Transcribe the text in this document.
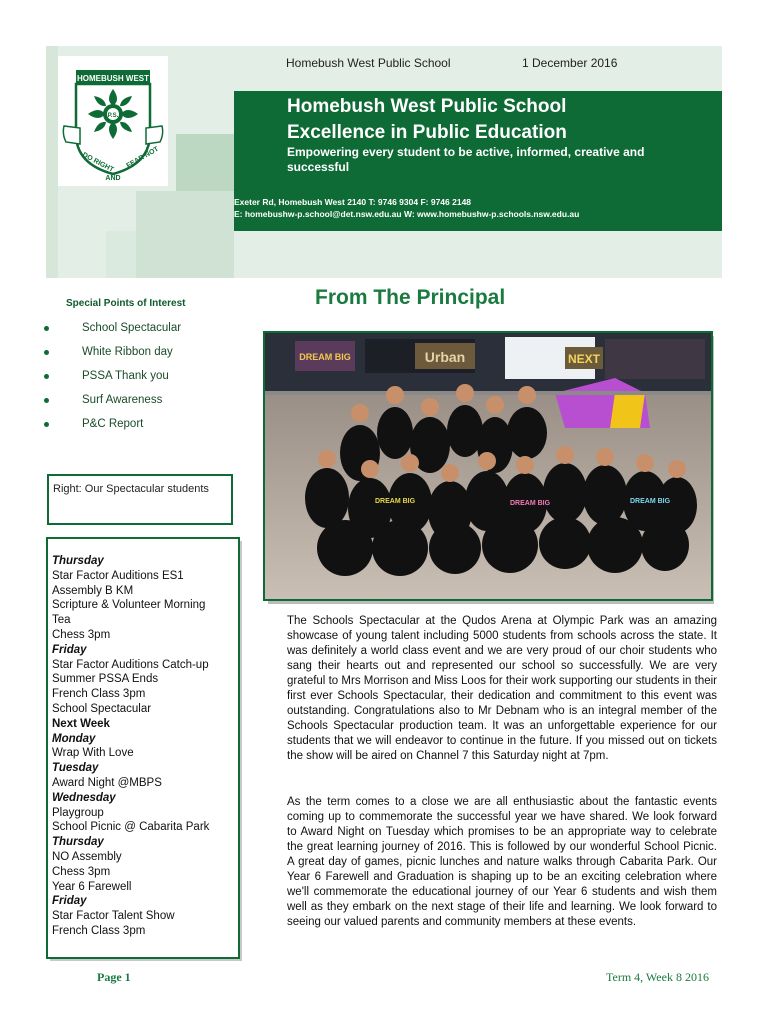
HOMEBUSH WEST
P.S.
DO RIGHT
AND
FEAR NOT
Homebush West Public School	1 December 2016
Homebush West Public School
Excellence in Public Education
Empowering every student to be active, informed, creative and successful
Exeter Rd, Homebush West 2140 T: 9746 9304 F: 9746 2148
E: homebushw-p.school@det.nsw.edu.au W: www.homebushw-p.schools.nsw.edu.au
Special Points of Interest
School Spectacular
White Ribbon day
PSSA Thank you
Surf Awareness
P&C Report
Right: Our Spectacular students
Thursday
Star Factor Auditions ES1
Assembly B KM
Scripture & Volunteer Morning
Tea
Chess 3pm
Friday
Star Factor Auditions Catch-up
Summer PSSA Ends
French Class 3pm
School Spectacular
Next Week
Monday
Wrap With Love
Tuesday
Award Night @MBPS
Wednesday
Playgroup
School Picnic @ Cabarita Park
Thursday
NO Assembly
Chess 3pm
Year 6 Farewell
Friday
Star Factor Talent Show
French Class 3pm
From The Principal
DREAM BIG	Urban	NEXT
DREAM BIG	DREAM BIG	DREAM BIG
The Schools Spectacular at the Qudos Arena at Olympic Park was an amazing showcase of young talent including 5000 students from schools across the state. It was definitely a world class event and we are very proud of our choir students who sang their hearts out and represented our school so successfully. We are very grateful to Mrs Morrison and Miss Loos for their work supporting our students in their first ever Schools Spectacular, their dedication and commitment to this event was outstanding. Congratulations also to Mr Debnam who is an integral member of the Schools Spectacular production team. It was an unforgettable experience for our students that we will endeavor to continue in the future. If you missed out on tickets the show will be aired on Channel 7 this Saturday night at 7pm.
As the term comes to a close we are all enthusiastic about the fantastic events coming up to commemorate the successful year we have shared. We look forward to Award Night on Tuesday which promises to be an appropriate way to celebrate the great learning journey of 2016. This is followed by our wonderful School Picnic. A great day of games, picnic lunches and nature walks through Cabarita Park. Our Year 6 Farewell and Graduation is shaping up to be an exciting celebration where we'll commemorate the educational journey of our Year 6 students and wish them well as they embark on the next stage of their life and learning. We look forward to seeing our valued parents and community members at these events.
Page 1	Term 4, Week 8 2016
